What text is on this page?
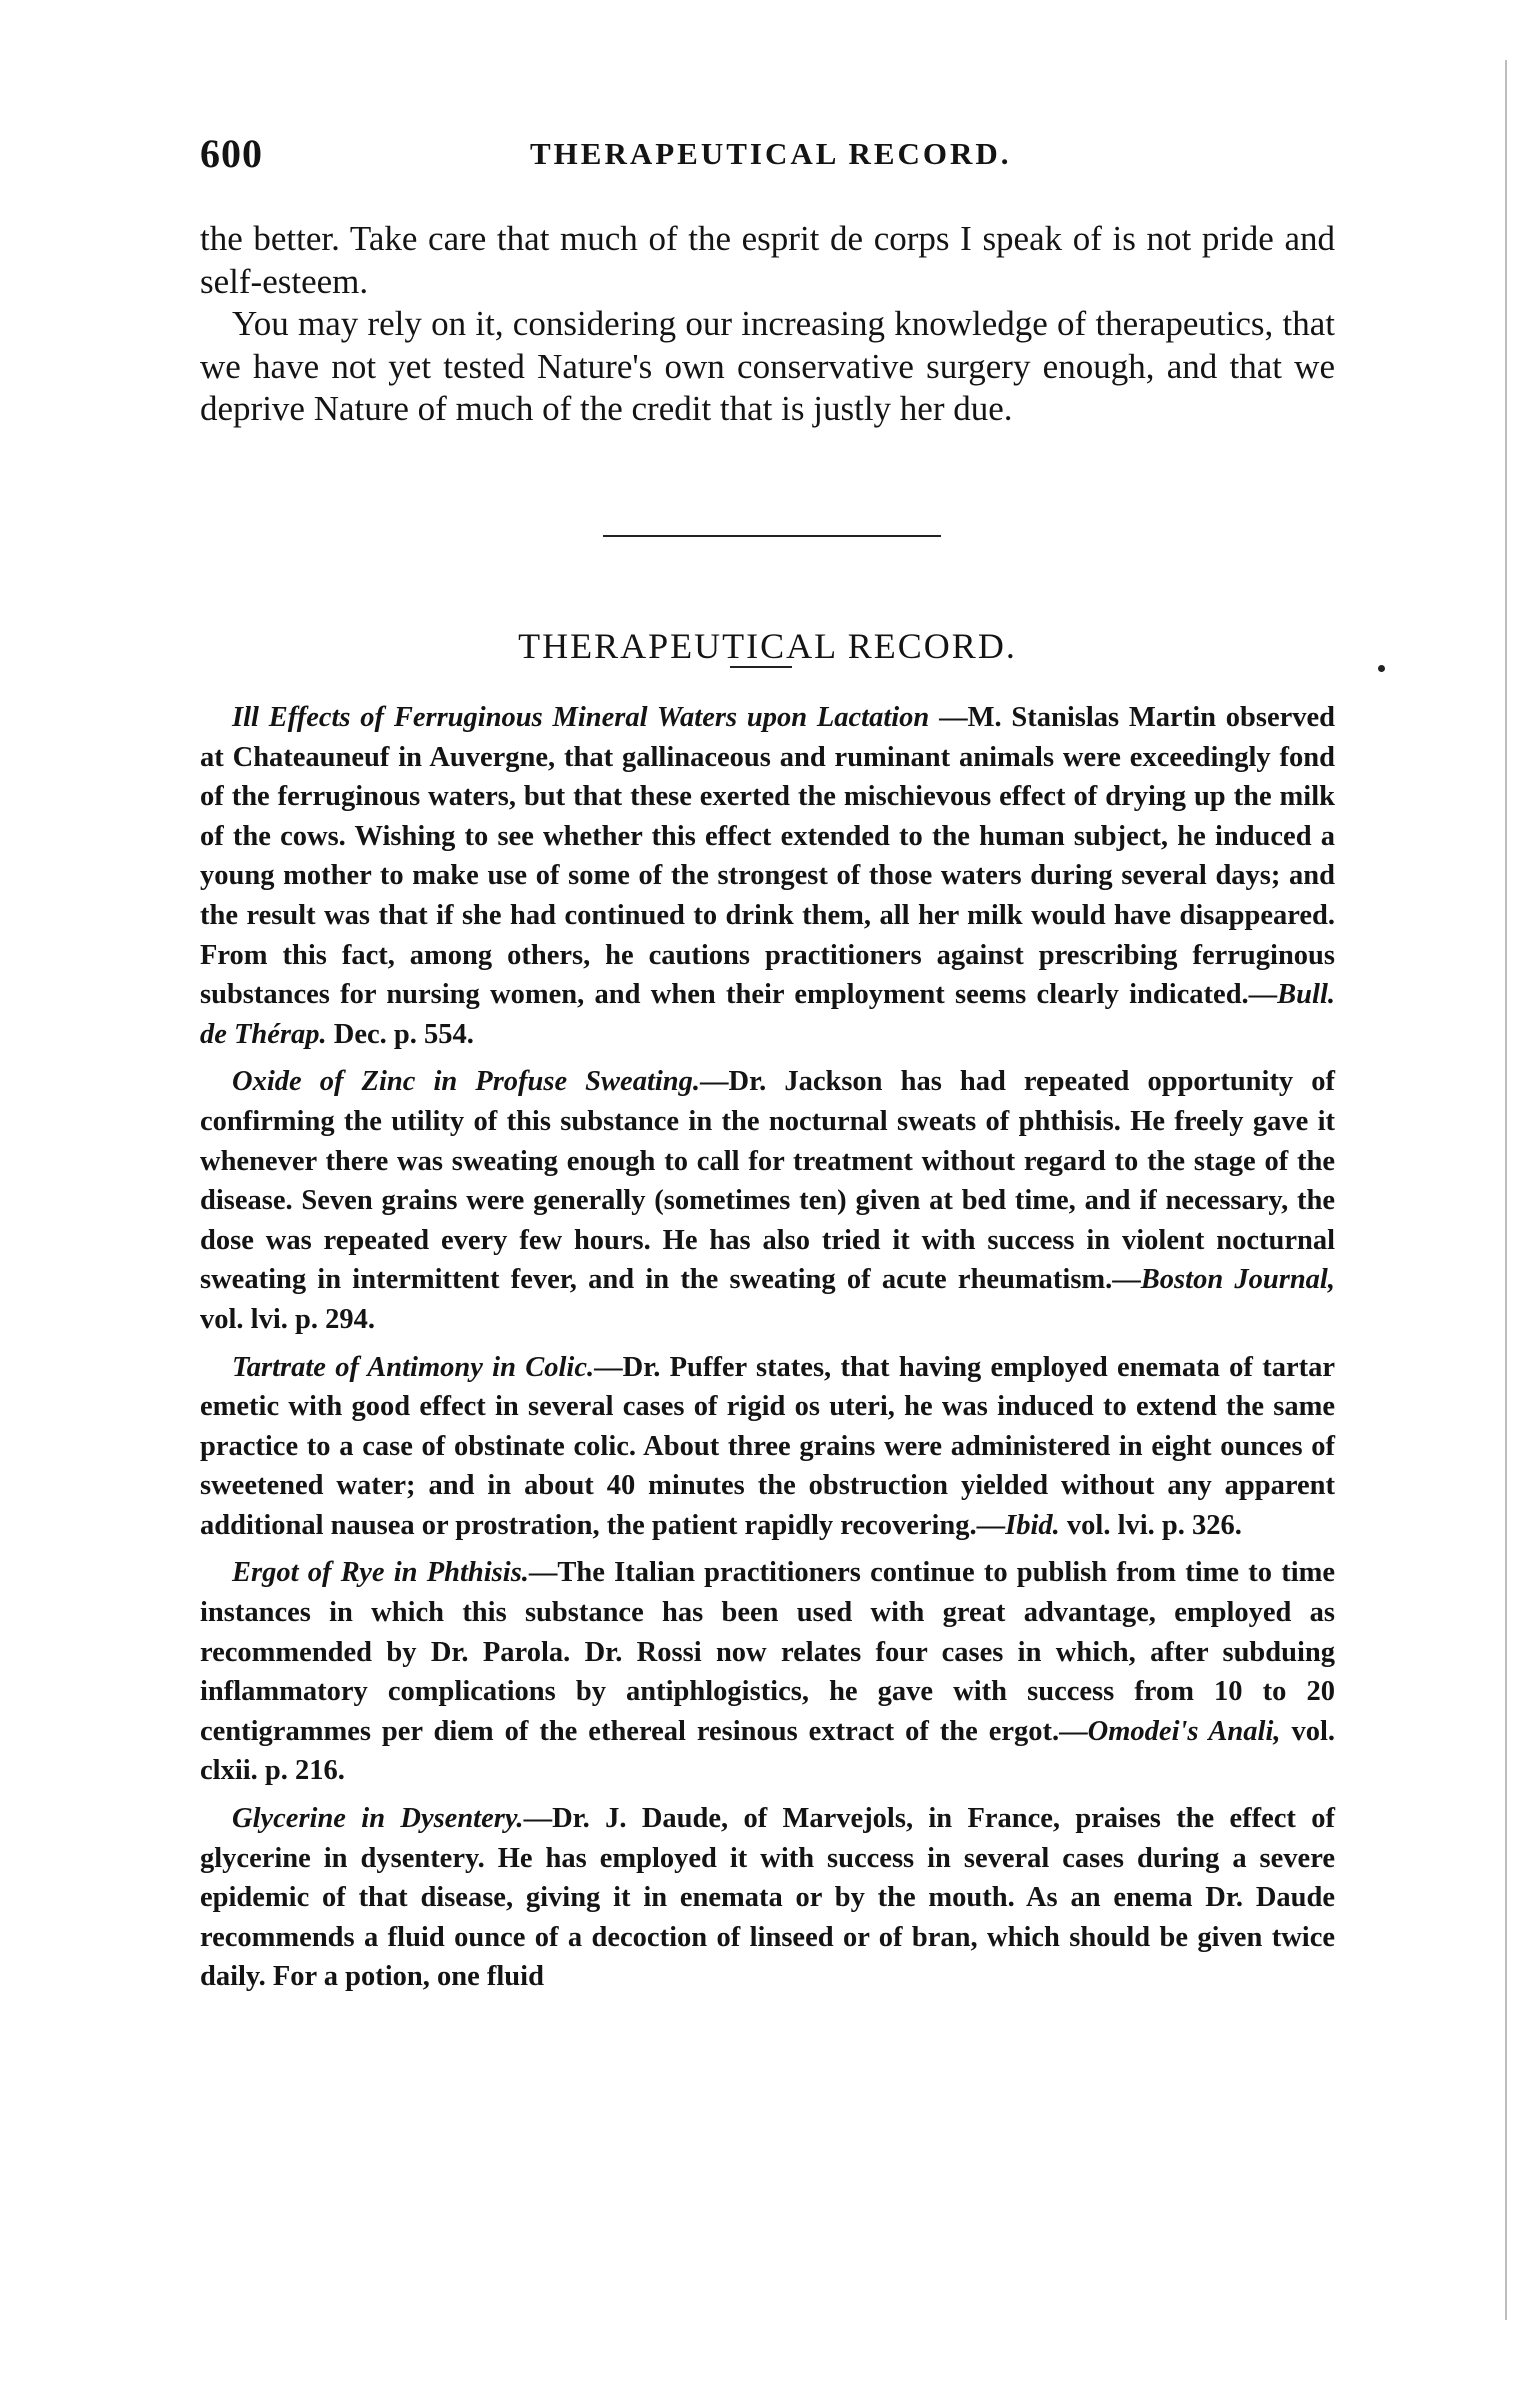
600	THERAPEUTICAL RECORD.

the better. Take care that much of the esprit de corps I speak of is not pride and self-esteem.

You may rely on it, considering our increasing knowledge of therapeutics, that we have not yet tested Nature's own conservative surgery enough, and that we deprive Nature of much of the credit that is justly her due.

THERAPEUTICAL RECORD.

Ill Effects of Ferruginous Mineral Waters upon Lactation —M. Stanislas Martin observed at Chateauneuf in Auvergne, that gallinaceous and ruminant animals were exceedingly fond of the ferruginous waters, but that these exerted the mischievous effect of drying up the milk of the cows. Wishing to see whether this effect extended to the human subject, he induced a young mother to make use of some of the strongest of those waters during several days; and the result was that if she had continued to drink them, all her milk would have disappeared. From this fact, among others, he cautions practitioners against prescribing ferruginous substances for nursing women, and when their employment seems clearly indicated.—Bull. de Thérap. Dec. p. 554.

Oxide of Zinc in Profuse Sweating.—Dr. Jackson has had repeated opportunity of confirming the utility of this substance in the nocturnal sweats of phthisis. He freely gave it whenever there was sweating enough to call for treatment without regard to the stage of the disease. Seven grains were generally (sometimes ten) given at bed time, and if necessary, the dose was repeated every few hours. He has also tried it with success in violent nocturnal sweating in intermittent fever, and in the sweating of acute rheumatism.—Boston Journal, vol. lvi. p. 294.

Tartrate of Antimony in Colic.—Dr. Puffer states, that having employed enemata of tartar emetic with good effect in several cases of rigid os uteri, he was induced to extend the same practice to a case of obstinate colic. About three grains were administered in eight ounces of sweetened water; and in about 40 minutes the obstruction yielded without any apparent additional nausea or prostration, the patient rapidly recovering.—Ibid. vol. lvi. p. 326.

Ergot of Rye in Phthisis.—The Italian practitioners continue to publish from time to time instances in which this substance has been used with great advantage, employed as recommended by Dr. Parola. Dr. Rossi now relates four cases in which, after subduing inflammatory complications by antiphlogistics, he gave with success from 10 to 20 centigrammes per diem of the ethereal resinous extract of the ergot.—Omodei's Anali, vol. clxii. p. 216.

Glycerine in Dysentery.—Dr. J. Daude, of Marvejols, in France, praises the effect of glycerine in dysentery. He has employed it with success in several cases during a severe epidemic of that disease, giving it in enemata or by the mouth. As an enema Dr. Daude recommends a fluid ounce of a decoction of linseed or of bran, which should be given twice daily. For a potion, one fluid
